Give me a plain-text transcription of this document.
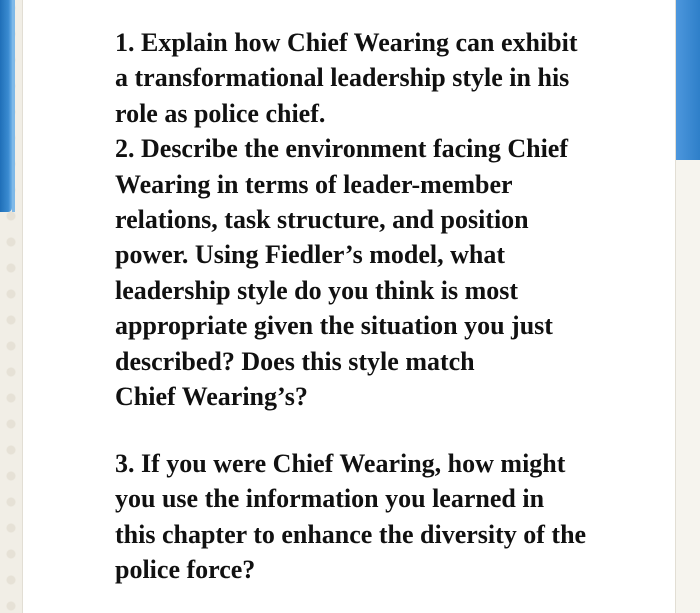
1. Explain how Chief Wearing can exhibit
a transformational leadership style in his
role as police chief.
2. Describe the environment facing Chief
Wearing in terms of leader-member
relations, task structure, and position
power. Using Fiedler’s model, what
leadership style do you think is most
appropriate given the situation you just
described? Does this style match
Chief Wearing’s?
3. If you were Chief Wearing, how might
you use the information you learned in
this chapter to enhance the diversity of the
police force?
